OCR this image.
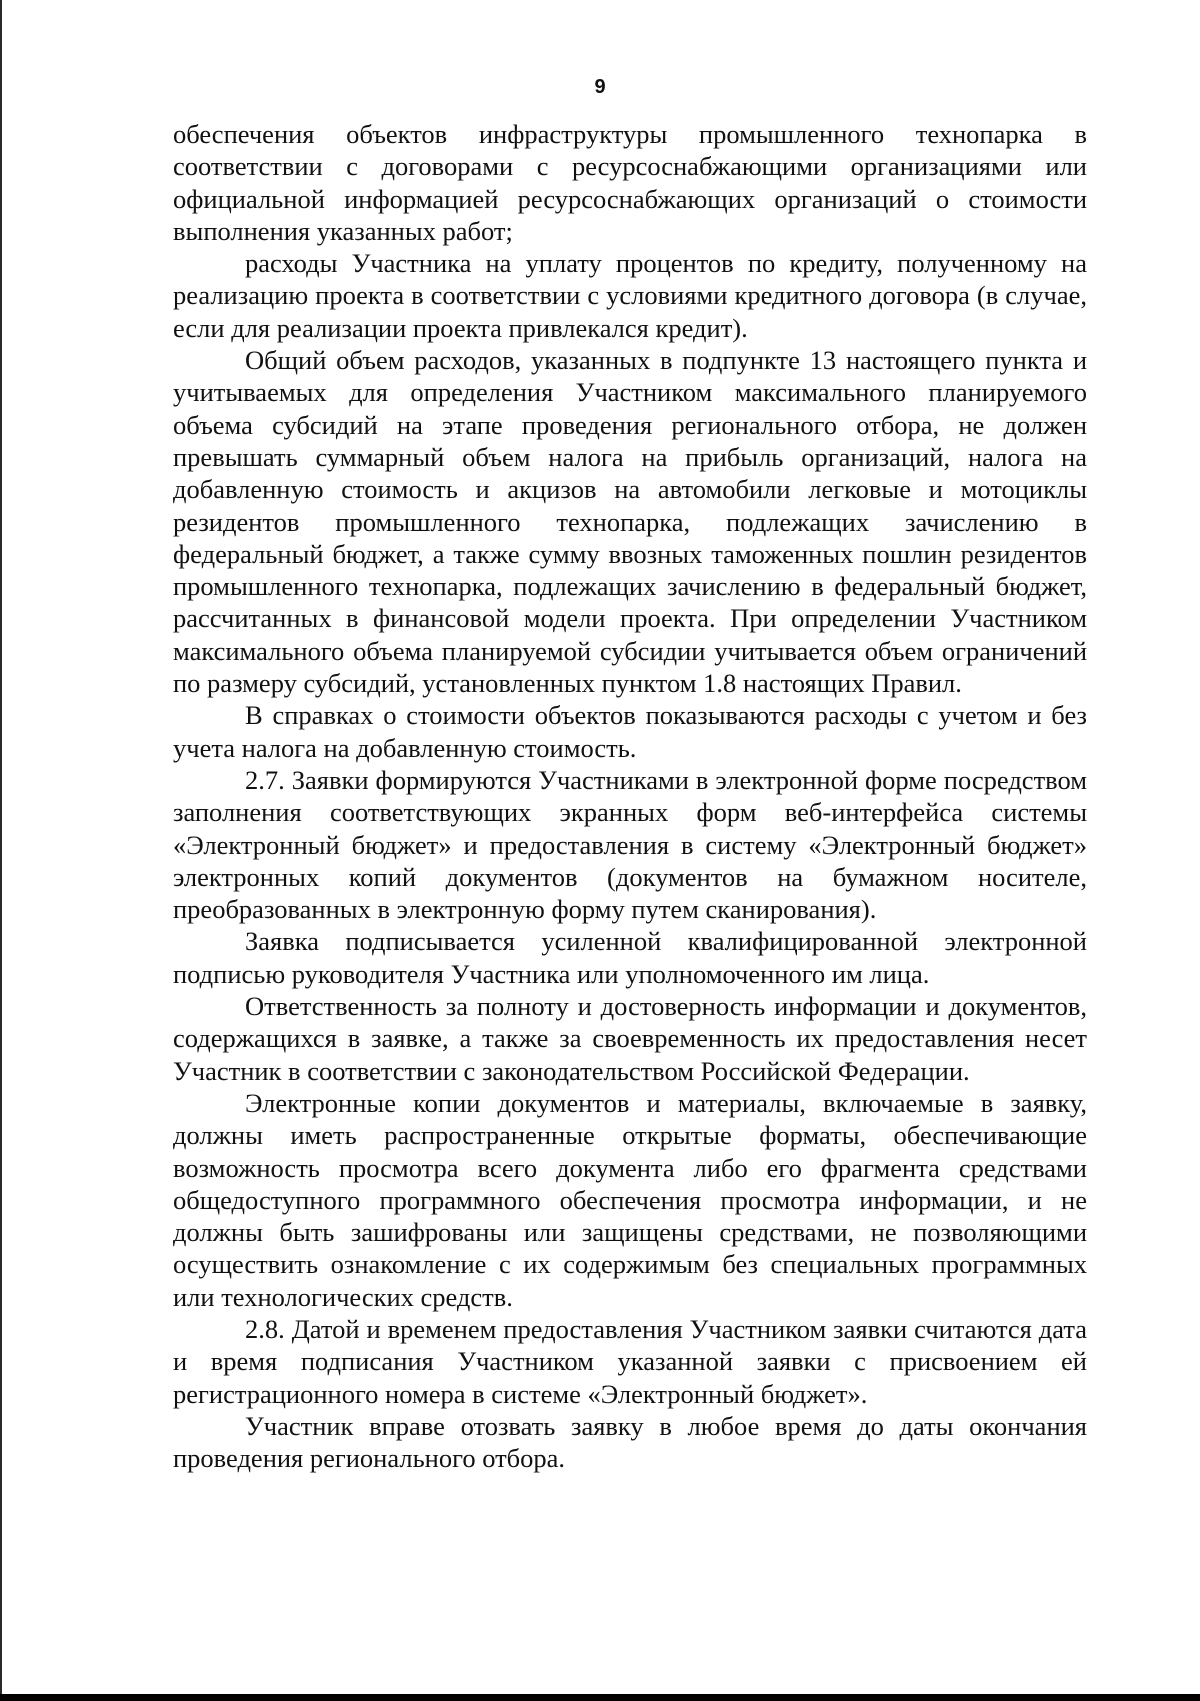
9

обеспечения объектов инфраструктуры промышленного технопарка в соответствии с договорами с ресурсоснабжающими организациями или официальной информацией ресурсоснабжающих организаций о стоимости выполнения указанных работ;

расходы Участника на уплату процентов по кредиту, полученному на реализацию проекта в соответствии с условиями кредитного договора (в случае, если для реализации проекта привлекался кредит).

Общий объем расходов, указанных в подпункте 13 настоящего пункта и учитываемых для определения Участником максимального планируемого объема субсидий на этапе проведения регионального отбора, не должен превышать суммарный объем налога на прибыль организаций, налога на добавленную стоимость и акцизов на автомобили легковые и мотоциклы резидентов промышленного технопарка, подлежащих зачислению в федеральный бюджет, а также сумму ввозных таможенных пошлин резидентов промышленного технопарка, подлежащих зачислению в федеральный бюджет, рассчитанных в финансовой модели проекта. При определении Участником максимального объема планируемой субсидии учитывается объем ограничений по размеру субсидий, установленных пунктом 1.8 настоящих Правил.

В справках о стоимости объектов показываются расходы с учетом и без учета налога на добавленную стоимость.

2.7. Заявки формируются Участниками в электронной форме посредством заполнения соответствующих экранных форм веб-интерфейса системы «Электронный бюджет» и предоставления в систему «Электронный бюджет» электронных копий документов (документов на бумажном носителе, преобразованных в электронную форму путем сканирования).

Заявка подписывается усиленной квалифицированной электронной подписью руководителя Участника или уполномоченного им лица.

Ответственность за полноту и достоверность информации и документов, содержащихся в заявке, а также за своевременность их предоставления несет Участник в соответствии с законодательством Российской Федерации.

Электронные копии документов и материалы, включаемые в заявку, должны иметь распространенные открытые форматы, обеспечивающие возможность просмотра всего документа либо его фрагмента средствами общедоступного программного обеспечения просмотра информации, и не должны быть зашифрованы или защищены средствами, не позволяющими осуществить ознакомление с их содержимым без специальных программных или технологических средств.

2.8. Датой и временем предоставления Участником заявки считаются дата и время подписания Участником указанной заявки с присвоением ей регистрационного номера в системе «Электронный бюджет».

Участник вправе отозвать заявку в любое время до даты окончания проведения регионального отбора.
